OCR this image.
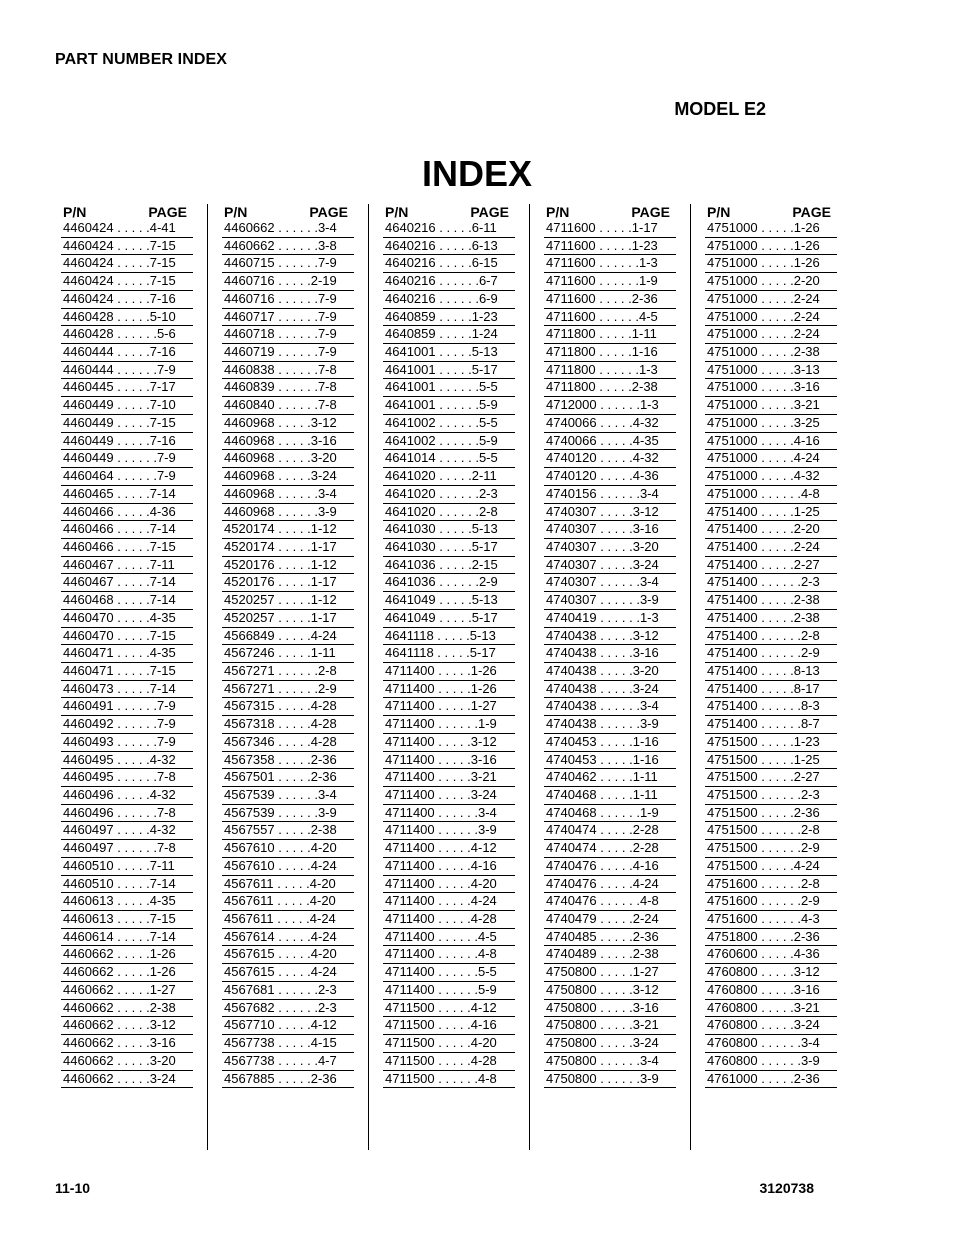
PART NUMBER INDEX
MODEL E2
INDEX
P/N	PAGE
4460424 . . . . .4-41
4460424 . . . . .7-15
4460424 . . . . .7-15
4460424 . . . . .7-15
4460424 . . . . .7-16
4460428 . . . . .5-10
4460428 . . . . . .5-6
4460444 . . . . .7-16
4460444 . . . . . .7-9
4460445 . . . . .7-17
4460449 . . . . .7-10
4460449 . . . . .7-15
4460449 . . . . .7-16
4460449 . . . . . .7-9
4460464 . . . . . .7-9
4460465 . . . . .7-14
4460466 . . . . .4-36
4460466 . . . . .7-14
4460466 . . . . .7-15
4460467 . . . . .7-11
4460467 . . . . .7-14
4460468 . . . . .7-14
4460470 . . . . .4-35
4460470 . . . . .7-15
4460471 . . . . .4-35
4460471 . . . . .7-15
4460473 . . . . .7-14
4460491 . . . . . .7-9
4460492 . . . . . .7-9
4460493 . . . . . .7-9
4460495 . . . . .4-32
4460495 . . . . . .7-8
4460496 . . . . .4-32
4460496 . . . . . .7-8
4460497 . . . . .4-32
4460497 . . . . . .7-8
4460510 . . . . .7-11
4460510 . . . . .7-14
4460613 . . . . .4-35
4460613 . . . . .7-15
4460614 . . . . .7-14
4460662 . . . . .1-26
4460662 . . . . .1-26
4460662 . . . . .1-27
4460662 . . . . .2-38
4460662 . . . . .3-12
4460662 . . . . .3-16
4460662 . . . . .3-20
4460662 . . . . .3-24
P/N	PAGE
4460662 . . . . . .3-4
4460662 . . . . . .3-8
4460715 . . . . . .7-9
4460716 . . . . .2-19
4460716 . . . . . .7-9
4460717 . . . . . .7-9
4460718 . . . . . .7-9
4460719 . . . . . .7-9
4460838 . . . . . .7-8
4460839 . . . . . .7-8
4460840 . . . . . .7-8
4460968 . . . . .3-12
4460968 . . . . .3-16
4460968 . . . . .3-20
4460968 . . . . .3-24
4460968 . . . . . .3-4
4460968 . . . . . .3-9
4520174 . . . . .1-12
4520174 . . . . .1-17
4520176 . . . . .1-12
4520176 . . . . .1-17
4520257 . . . . .1-12
4520257 . . . . .1-17
4566849 . . . . .4-24
4567246 . . . . .1-11
4567271 . . . . . .2-8
4567271 . . . . . .2-9
4567315 . . . . .4-28
4567318 . . . . .4-28
4567346 . . . . .4-28
4567358 . . . . .2-36
4567501 . . . . .2-36
4567539 . . . . . .3-4
4567539 . . . . . .3-9
4567557 . . . . .2-38
4567610 . . . . .4-20
4567610 . . . . .4-24
4567611 . . . . .4-20
4567611 . . . . .4-20
4567611 . . . . .4-24
4567614 . . . . .4-24
4567615 . . . . .4-20
4567615 . . . . .4-24
4567681 . . . . . .2-3
4567682 . . . . . .2-3
4567710 . . . . .4-12
4567738 . . . . .4-15
4567738 . . . . . .4-7
4567885 . . . . .2-36
P/N	PAGE
4640216 . . . . .6-11
4640216 . . . . .6-13
4640216 . . . . .6-15
4640216 . . . . . .6-7
4640216 . . . . . .6-9
4640859 . . . . .1-23
4640859 . . . . .1-24
4641001 . . . . .5-13
4641001 . . . . .5-17
4641001 . . . . . .5-5
4641001 . . . . . .5-9
4641002 . . . . . .5-5
4641002 . . . . . .5-9
4641014 . . . . . .5-5
4641020 . . . . .2-11
4641020 . . . . . .2-3
4641020 . . . . . .2-8
4641030 . . . . .5-13
4641030 . . . . .5-17
4641036 . . . . .2-15
4641036 . . . . . .2-9
4641049 . . . . .5-13
4641049 . . . . .5-17
4641118 . . . . .5-13
4641118 . . . . .5-17
4711400 . . . . .1-26
4711400 . . . . .1-26
4711400 . . . . .1-27
4711400 . . . . . .1-9
4711400 . . . . .3-12
4711400 . . . . .3-16
4711400 . . . . .3-21
4711400 . . . . .3-24
4711400 . . . . . .3-4
4711400 . . . . . .3-9
4711400 . . . . .4-12
4711400 . . . . .4-16
4711400 . . . . .4-20
4711400 . . . . .4-24
4711400 . . . . .4-28
4711400 . . . . . .4-5
4711400 . . . . . .4-8
4711400 . . . . . .5-5
4711400 . . . . . .5-9
4711500 . . . . .4-12
4711500 . . . . .4-16
4711500 . . . . .4-20
4711500 . . . . .4-28
4711500 . . . . . .4-8
P/N	PAGE
4711600 . . . . .1-17
4711600 . . . . .1-23
4711600 . . . . . .1-3
4711600 . . . . . .1-9
4711600 . . . . .2-36
4711600 . . . . . .4-5
4711800 . . . . .1-11
4711800 . . . . .1-16
4711800 . . . . . .1-3
4711800 . . . . .2-38
4712000 . . . . . .1-3
4740066 . . . . .4-32
4740066 . . . . .4-35
4740120 . . . . .4-32
4740120 . . . . .4-36
4740156 . . . . . .3-4
4740307 . . . . .3-12
4740307 . . . . .3-16
4740307 . . . . .3-20
4740307 . . . . .3-24
4740307 . . . . . .3-4
4740307 . . . . . .3-9
4740419 . . . . . .1-3
4740438 . . . . .3-12
4740438 . . . . .3-16
4740438 . . . . .3-20
4740438 . . . . .3-24
4740438 . . . . . .3-4
4740438 . . . . . .3-9
4740453 . . . . .1-16
4740453 . . . . .1-16
4740462 . . . . .1-11
4740468 . . . . .1-11
4740468 . . . . . .1-9
4740474 . . . . .2-28
4740474 . . . . .2-28
4740476 . . . . .4-16
4740476 . . . . .4-24
4740476 . . . . . .4-8
4740479 . . . . .2-24
4740485 . . . . .2-36
4740489 . . . . .2-38
4750800 . . . . .1-27
4750800 . . . . .3-12
4750800 . . . . .3-16
4750800 . . . . .3-21
4750800 . . . . .3-24
4750800 . . . . . .3-4
4750800 . . . . . .3-9
P/N	PAGE
4751000 . . . . .1-26
4751000 . . . . .1-26
4751000 . . . . .1-26
4751000 . . . . .2-20
4751000 . . . . .2-24
4751000 . . . . .2-24
4751000 . . . . .2-24
4751000 . . . . .2-38
4751000 . . . . .3-13
4751000 . . . . .3-16
4751000 . . . . .3-21
4751000 . . . . .3-25
4751000 . . . . .4-16
4751000 . . . . .4-24
4751000 . . . . .4-32
4751000 . . . . . .4-8
4751400 . . . . .1-25
4751400 . . . . .2-20
4751400 . . . . .2-24
4751400 . . . . .2-27
4751400 . . . . . .2-3
4751400 . . . . .2-38
4751400 . . . . .2-38
4751400 . . . . . .2-8
4751400 . . . . . .2-9
4751400 . . . . .8-13
4751400 . . . . .8-17
4751400 . . . . . .8-3
4751400 . . . . . .8-7
4751500 . . . . .1-23
4751500 . . . . .1-25
4751500 . . . . .2-27
4751500 . . . . . .2-3
4751500 . . . . .2-36
4751500 . . . . . .2-8
4751500 . . . . . .2-9
4751500 . . . . .4-24
4751600 . . . . . .2-8
4751600 . . . . . .2-9
4751600 . . . . . .4-3
4751800 . . . . .2-36
4760600 . . . . .4-36
4760800 . . . . .3-12
4760800 . . . . .3-16
4760800 . . . . .3-21
4760800 . . . . .3-24
4760800 . . . . . .3-4
4760800 . . . . . .3-9
4761000 . . . . .2-36
11-10	3120738
